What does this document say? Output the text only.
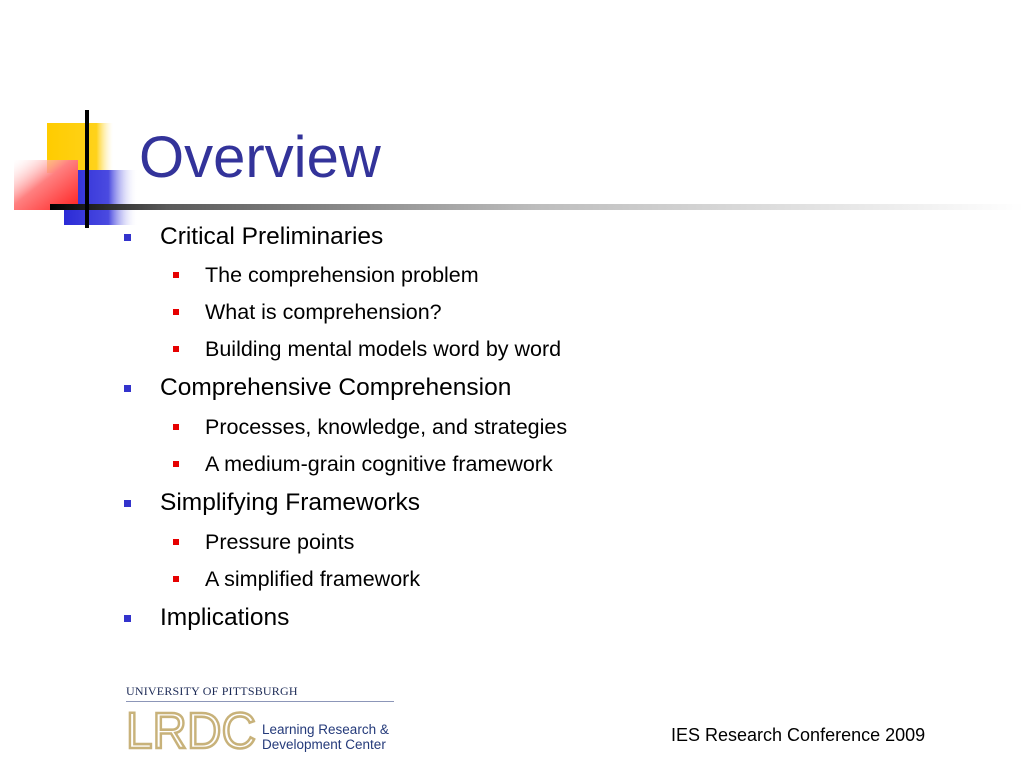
Overview
Critical Preliminaries
The comprehension problem
What is comprehension?
Building mental models word by word
Comprehensive Comprehension
Processes, knowledge, and strategies
A medium-grain cognitive framework
Simplifying Frameworks
Pressure points
A simplified framework
Implications
UNIVERSITY OF PITTSBURGH
LRDC Learning Research &
Development Center	IES Research Conference 2009
